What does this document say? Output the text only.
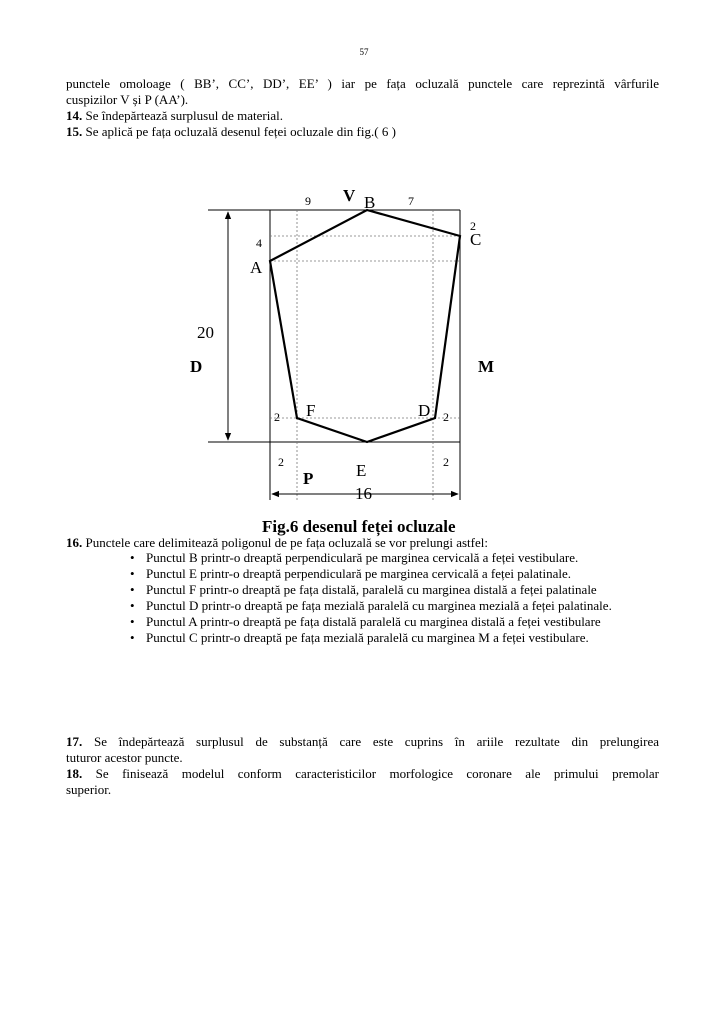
57
punctele omoloage ( BB’, CC’, DD’, EE’ ) iar pe fața ocluzală punctele care reprezintă vârfurile
cuspizilor V și P (AA’).
14. Se îndepărtează surplusul de material.
15. Se aplică pe fața ocluzală desenul feței ocluzale din fig.( 6 )
V B
9	7
2
C
4
A
20
D	M
2 F	D 2
2	2
E
P
16
Fig.6 desenul feței ocluzale
16. Punctele care delimitează poligonul de pe fața ocluzală se vor prelungi astfel:
• Punctul B printr-o dreaptă perpendiculară pe marginea cervicală a feței vestibulare.
• Punctul E printr-o dreaptă perpendiculară pe marginea cervicală a feței palatinale.
• Punctul F printr-o dreaptă pe fața distală, paralelă cu marginea distală a feței palatinale
• Punctul D printr-o dreaptă pe fața mezială paralelă cu marginea mezială a feței palatinale.
• Punctul A printr-o dreaptă pe fața distală paralelă cu marginea distală a feței vestibulare
• Punctul C printr-o dreaptă pe fața mezială paralelă cu marginea M a feței vestibulare.
17. Se îndepărtează surplusul de substanță care este cuprins în ariile rezultate din prelungirea
tuturor acestor puncte.
18. Se finisează modelul conform caracteristicilor morfologice coronare ale primului premolar
superior.
